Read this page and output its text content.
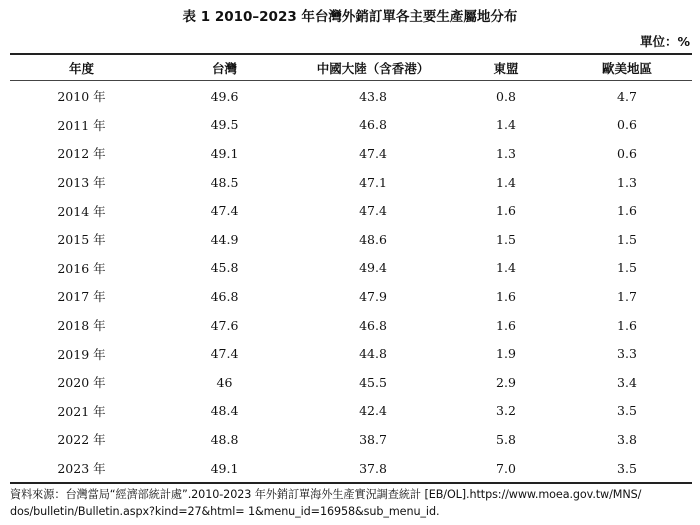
表 1 2010–2023 年台灣外銷訂單各主要生產屬地分布
單位：%
年度	台灣	中國大陸（含香港）	東盟	歐美地區
2010 年	49.6	43.8	0.8	4.7
2011 年	49.5	46.8	1.4	0.6
2012 年	49.1	47.4	1.3	0.6
2013 年	48.5	47.1	1.4	1.3
2014 年	47.4	47.4	1.6	1.6
2015 年	44.9	48.6	1.5	1.5
2016 年	45.8	49.4	1.4	1.5
2017 年	46.8	47.9	1.6	1.7
2018 年	47.6	46.8	1.6	1.6
2019 年	47.4	44.8	1.9	3.3
2020 年	46	45.5	2.9	3.4
2021 年	48.4	42.4	3.2	3.5
2022 年	48.8	38.7	5.8	3.8
2023 年	49.1	37.8	7.0	3.5
資料來源：台灣當局“經濟部統計處”.2010-2023 年外銷訂單海外生產實況調查統計 [EB/OL].https://www.moea.gov.tw/MNS/
dos/bulletin/Bulletin.aspx?kind=27&html= 1&menu_id=16958&sub_menu_id.
